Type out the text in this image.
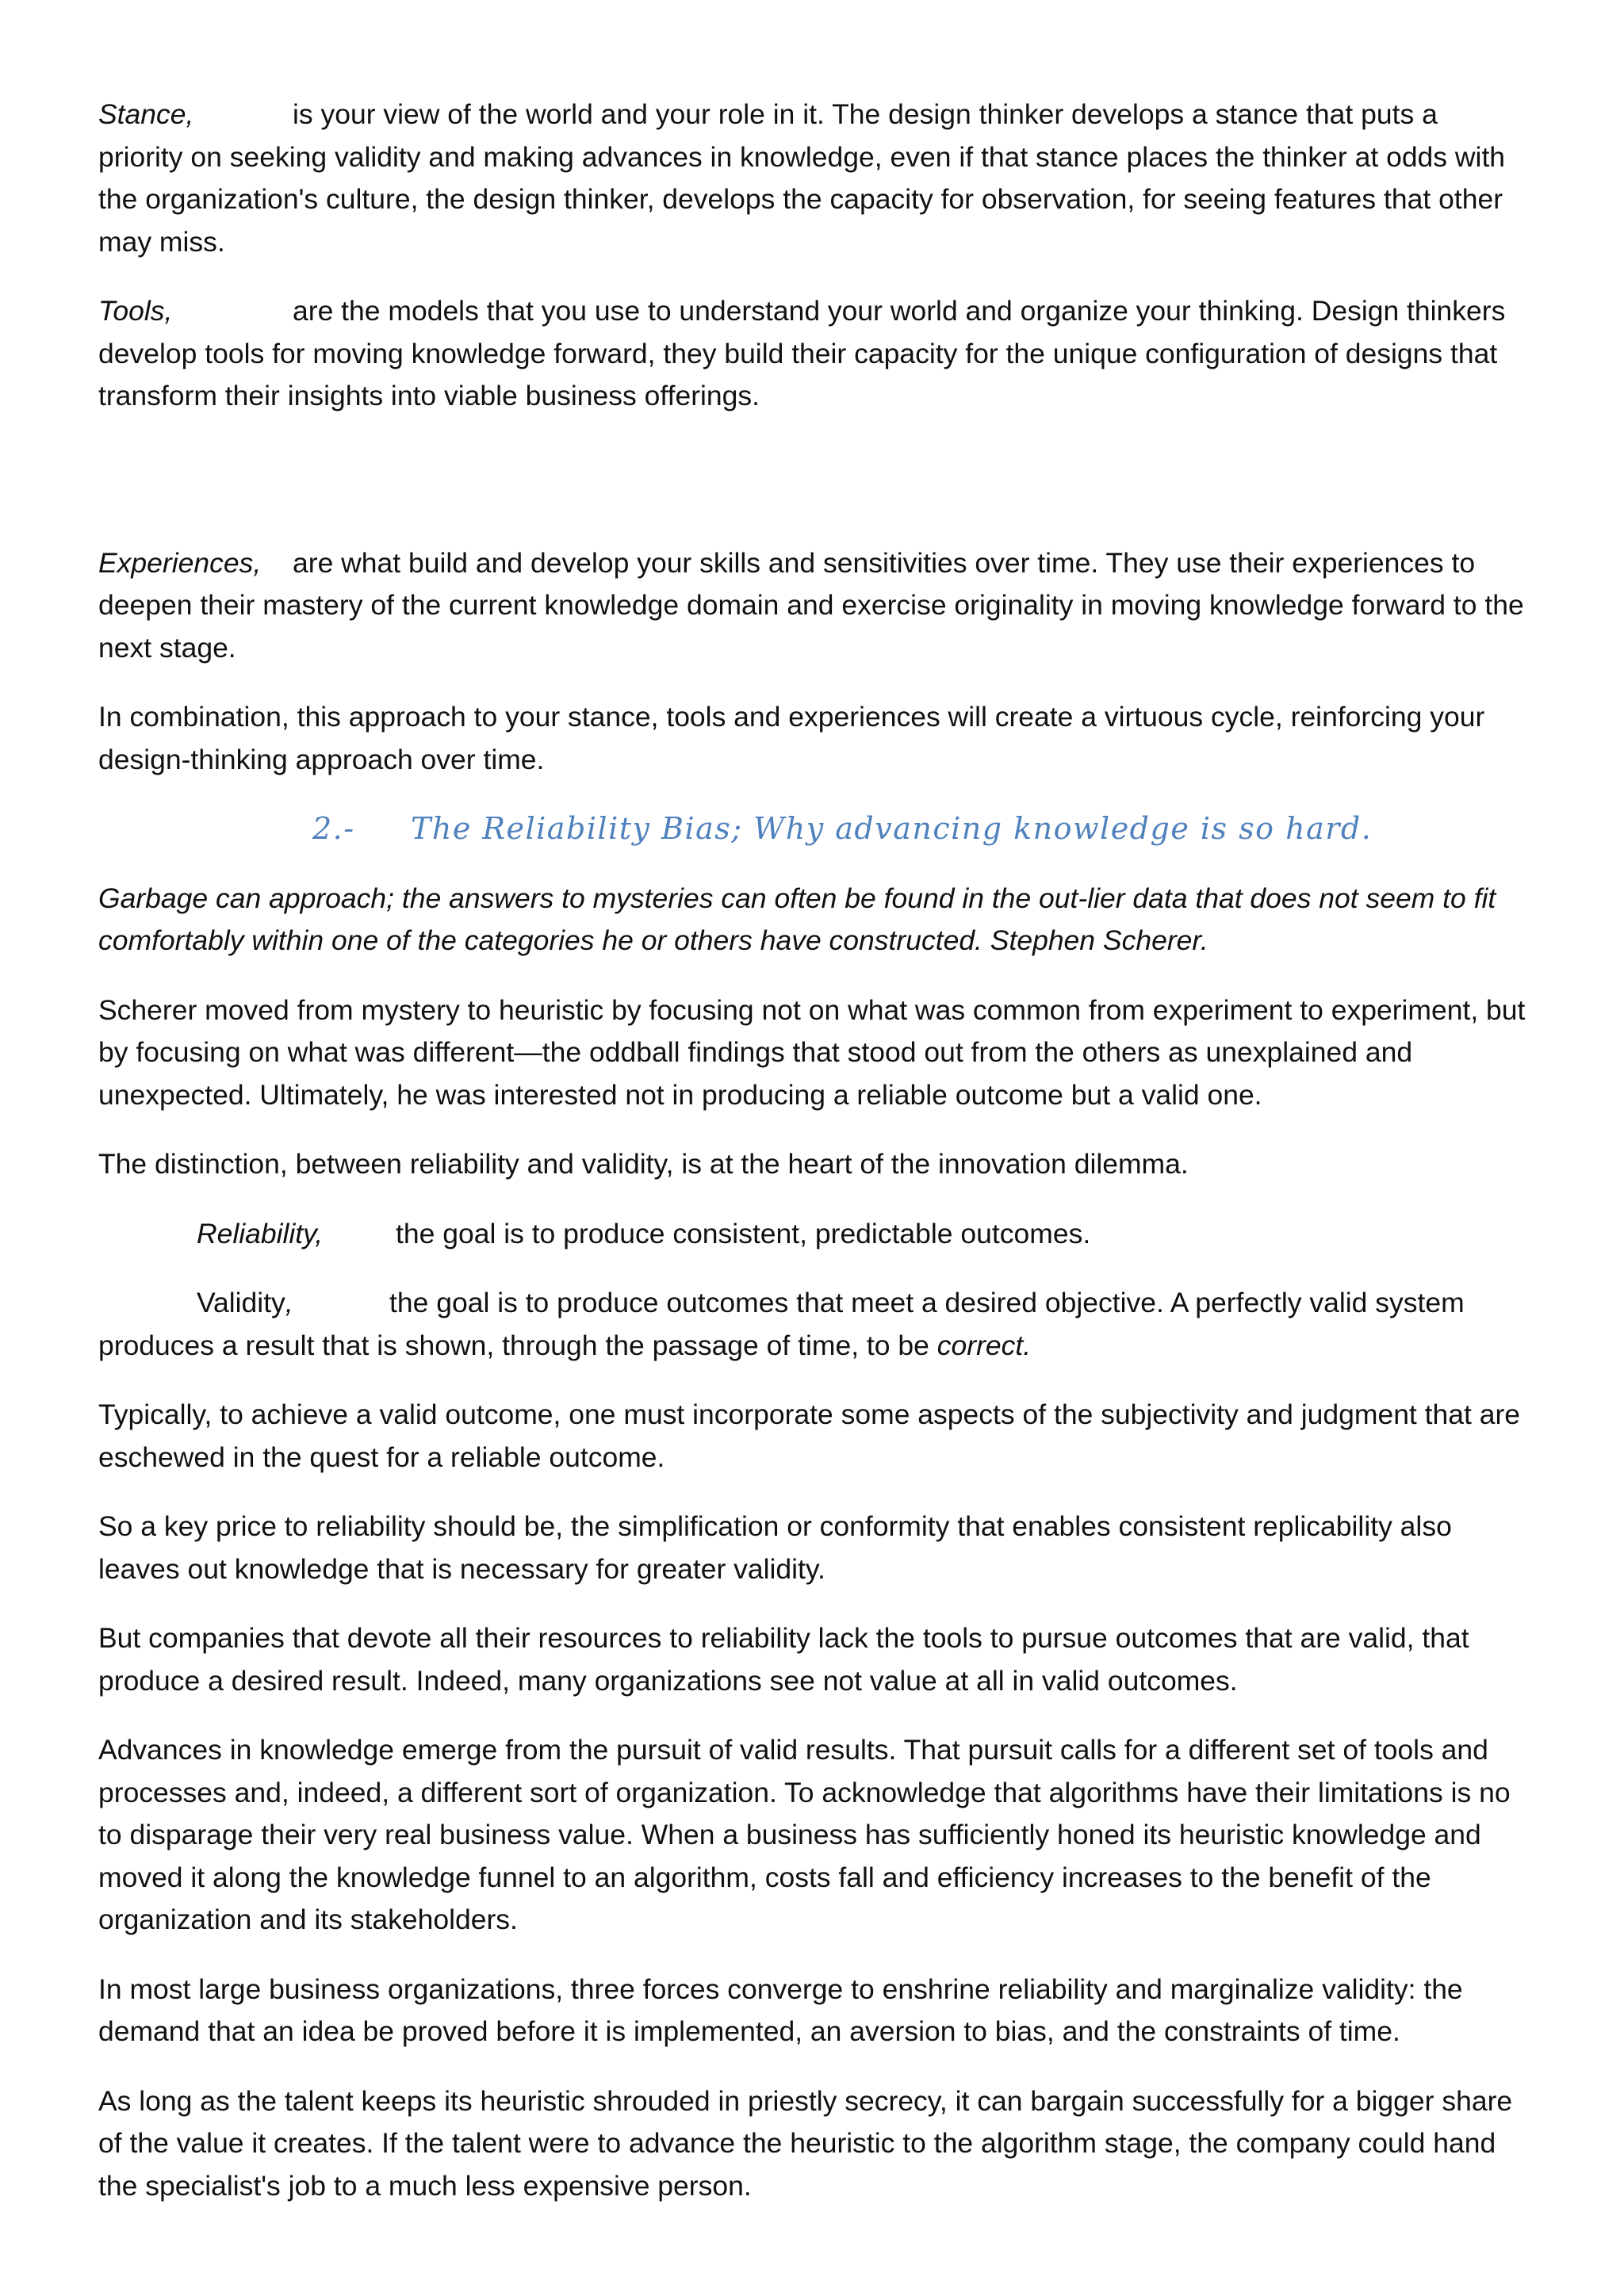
Stance,	is your view of the world and your role in it. The design thinker develops a stance that puts a priority on seeking validity and making advances in knowledge, even if that stance places the thinker at odds with the organization's culture, the design thinker, develops the capacity for observation, for seeing features that other may miss.

Tools,	are the models that you use to understand your world and organize your thinking. Design thinkers develop tools for moving knowledge forward, they build their capacity for the unique configuration of designs that transform their insights into viable business offerings.

Experiences, are what build and develop your skills and sensitivities over time. They use their experiences to deepen their mastery of the current knowledge domain and exercise originality in moving knowledge forward to the next stage.

In combination, this approach to your stance, tools and experiences will create a virtuous cycle, reinforcing your design-thinking approach over time.

2.- The Reliability Bias; Why advancing knowledge is so hard.

Garbage can approach; the answers to mysteries can often be found in the out-lier data that does not seem to fit comfortably within one of the categories he or others have constructed. Stephen Scherer.

Scherer moved from mystery to heuristic by focusing not on what was common from experiment to experiment, but by focusing on what was different—the oddball findings that stood out from the others as unexplained and unexpected. Ultimately, he was interested not in producing a reliable outcome but a valid one.

The distinction, between reliability and validity, is at the heart of the innovation dilemma.

Reliability,	the goal is to produce consistent, predictable outcomes.

Validity,	the goal is to produce outcomes that meet a desired objective. A perfectly valid system produces a result that is shown, through the passage of time, to be correct.

Typically, to achieve a valid outcome, one must incorporate some aspects of the subjectivity and judgment that are eschewed in the quest for a reliable outcome.

So a key price to reliability should be, the simplification or conformity that enables consistent replicability also leaves out knowledge that is necessary for greater validity.

But companies that devote all their resources to reliability lack the tools to pursue outcomes that are valid, that produce a desired result. Indeed, many organizations see not value at all in valid outcomes.

Advances in knowledge emerge from the pursuit of valid results. That pursuit calls for a different set of tools and processes and, indeed, a different sort of organization. To acknowledge that algorithms have their limitations is no to disparage their very real business value. When a business has sufficiently honed its heuristic knowledge and moved it along the knowledge funnel to an algorithm, costs fall and efficiency increases to the benefit of the organization and its stakeholders.

In most large business organizations, three forces converge to enshrine reliability and marginalize validity: the demand that an idea be proved before it is implemented, an aversion to bias, and the constraints of time.

As long as the talent keeps its heuristic shrouded in priestly secrecy, it can bargain successfully for a bigger share of the value it creates. If the talent were to advance the heuristic to the algorithm stage, the company could hand the specialist's job to a much less expensive person.
